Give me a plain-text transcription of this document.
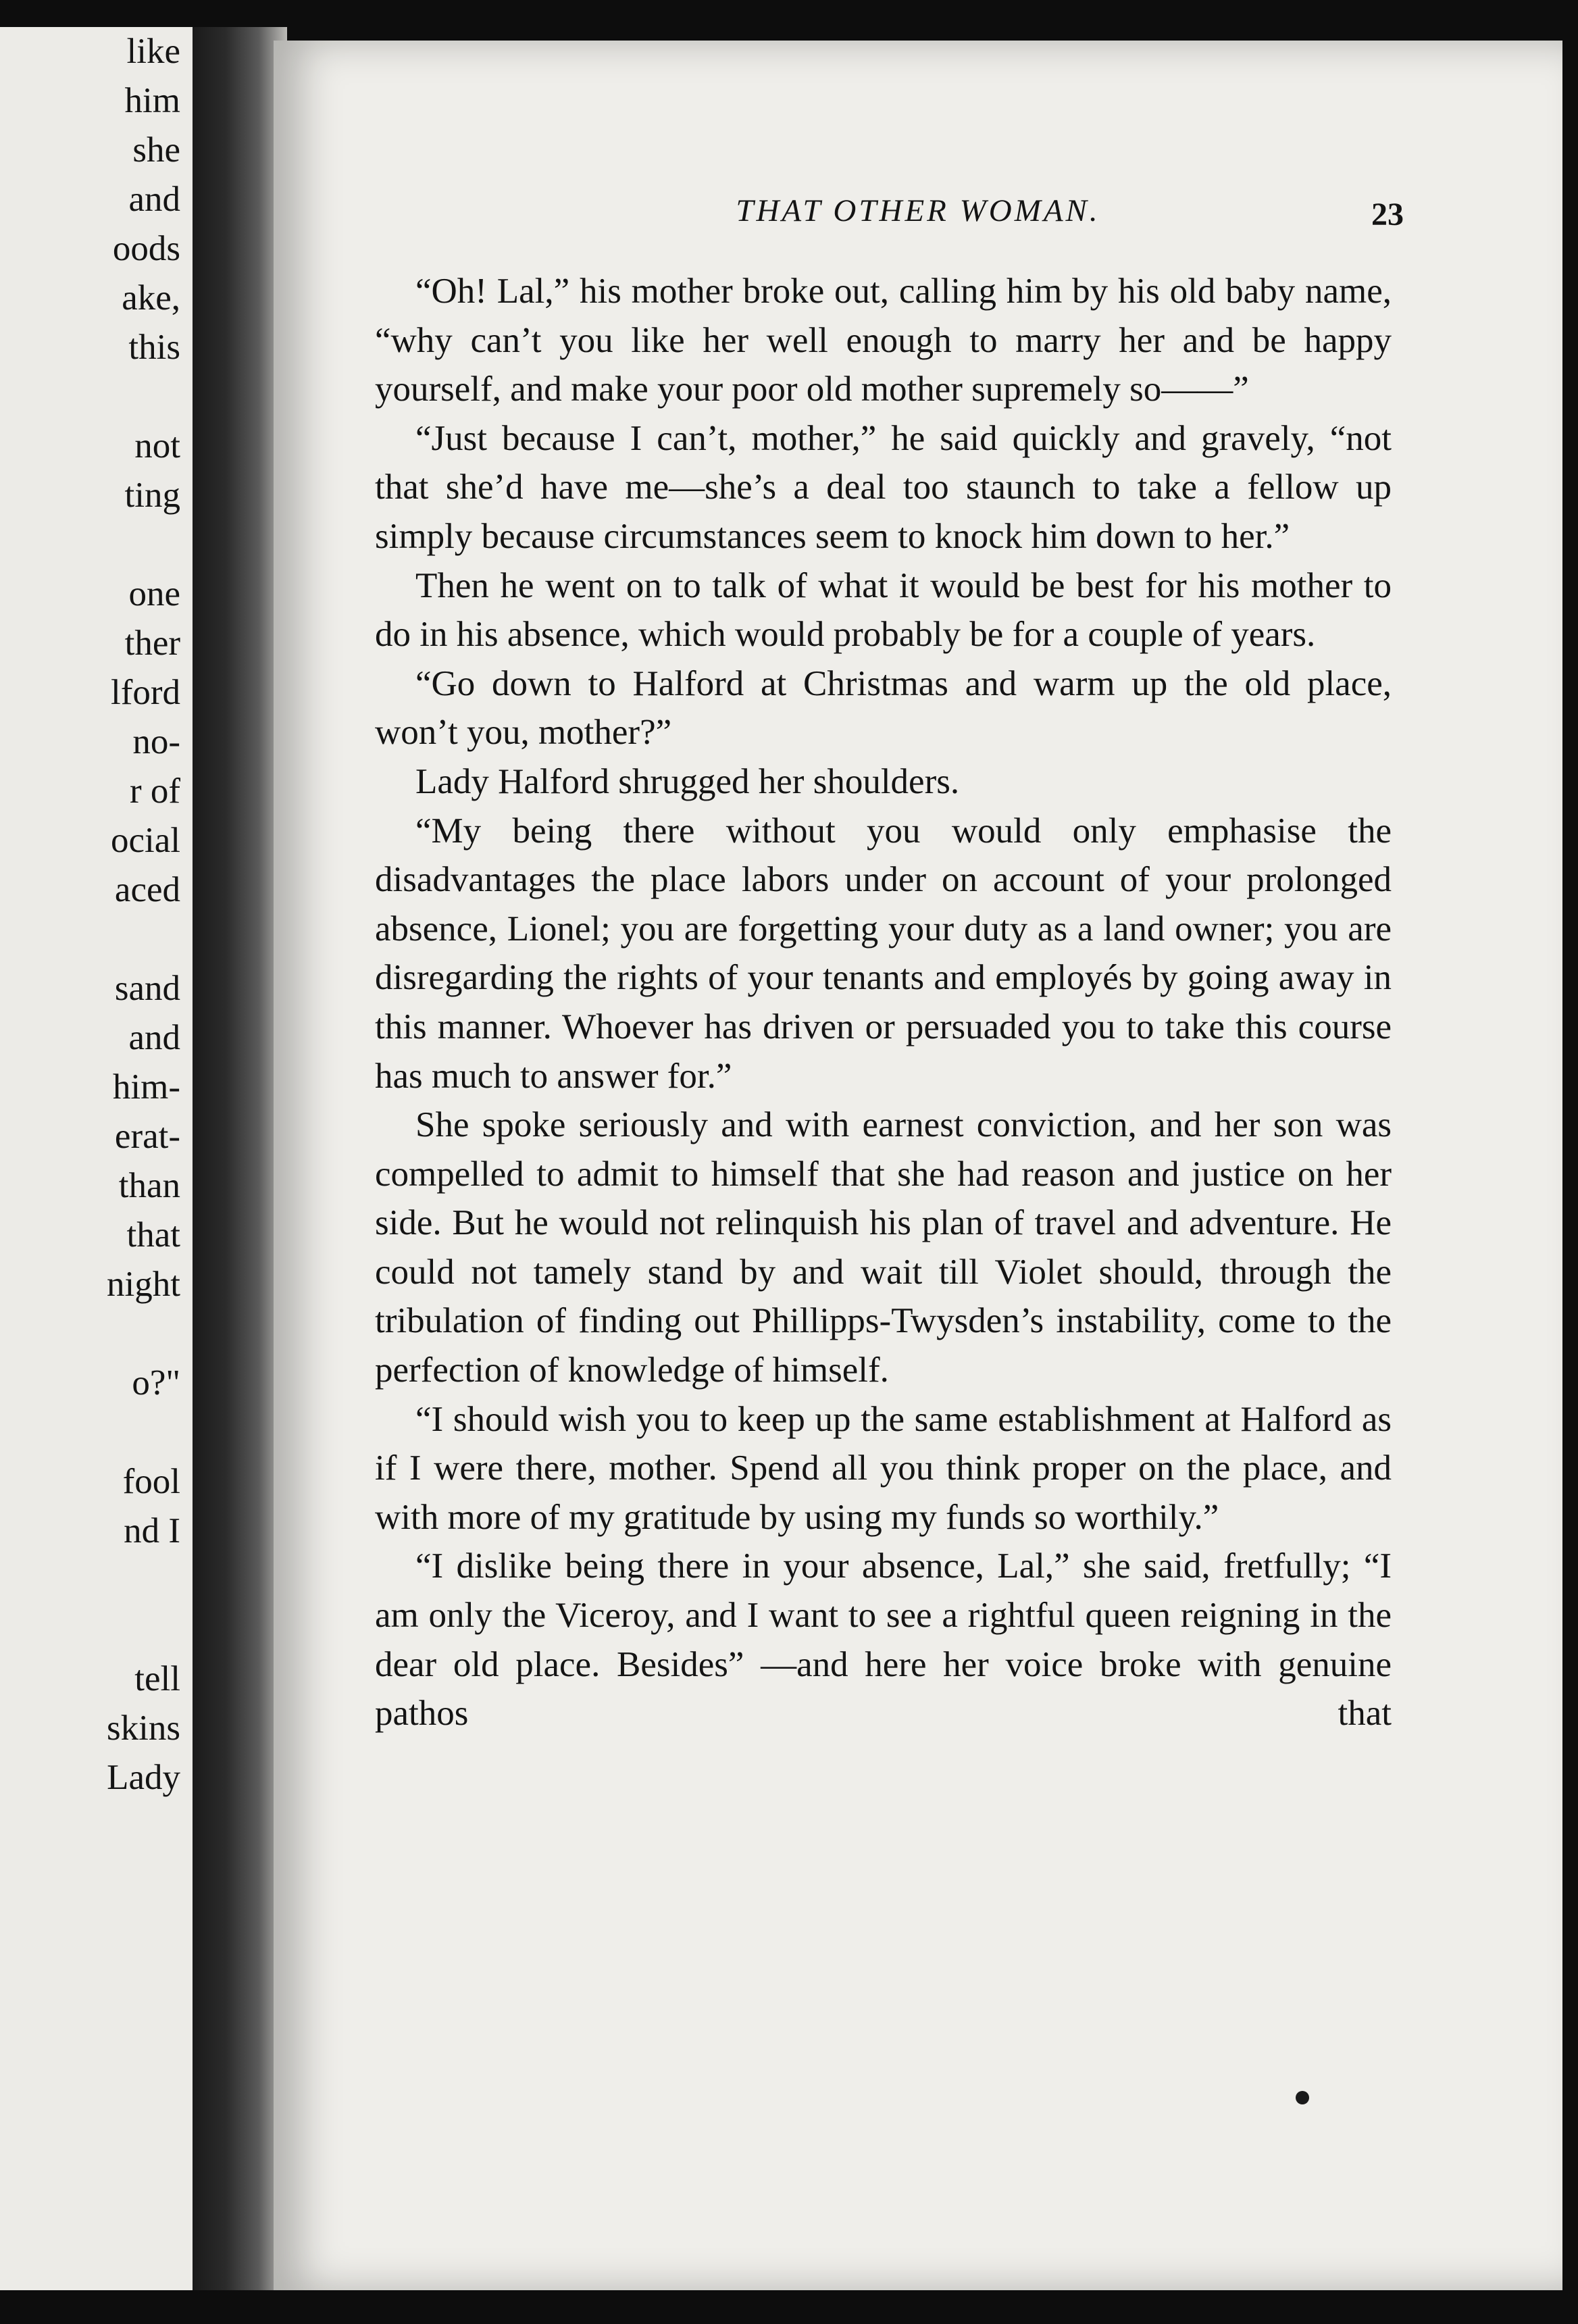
like
him
she
and
oods
ake,
this
not
ting
one
ther
lford
no-
r of
ocial
aced
sand
and
him-
erat-
than
that
night
o?"
fool
nd I
tell
skins
Lady
THAT OTHER WOMAN.	23

“Oh! Lal,” his mother broke out, calling him by his old baby name, “why can’t you like her well enough to marry her and be happy yourself, and make your poor old mother supremely so——”

“Just because I can’t, mother,” he said quickly and gravely, “not that she’d have me—she’s a deal too staunch to take a fellow up simply because circumstances seem to knock him down to her.”

Then he went on to talk of what it would be best for his mother to do in his absence, which would probably be for a couple of years.

“Go down to Halford at Christmas and warm up the old place, won’t you, mother?”

Lady Halford shrugged her shoulders.

“My being there without you would only emphasise the disadvantages the place labors under on account of your prolonged absence, Lionel; you are forgetting your duty as a land owner; you are disregarding the rights of your tenants and employés by going away in this manner. Whoever has driven or persuaded you to take this course has much to answer for.”

She spoke seriously and with earnest conviction, and her son was compelled to admit to himself that she had reason and justice on her side. But he would not relinquish his plan of travel and adventure. He could not tamely stand by and wait till Violet should, through the tribulation of finding out Phillipps-Twysden’s instability, come to the perfection of knowledge of himself.

“I should wish you to keep up the same establishment at Halford as if I were there, mother. Spend all you think proper on the place, and with more of my gratitude by using my funds so worthily.”

“I dislike being there in your absence, Lal,” she said, fretfully; “I am only the Viceroy, and I want to see a rightful queen reigning in the dear old place. Besides” —and here her voice broke with genuine pathos that
